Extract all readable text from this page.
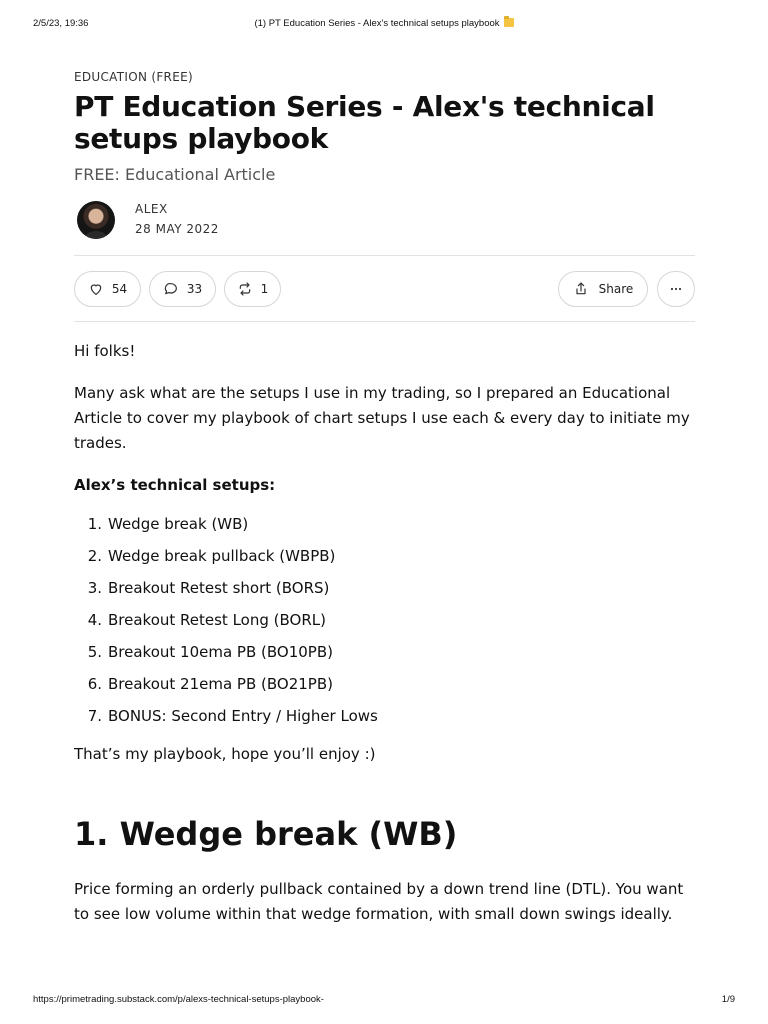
2/5/23, 19:36	(1) PT Education Series - Alex's technical setups playbook
EDUCATION (FREE)
PT Education Series - Alex's technical setups playbook
FREE: Educational Article
ALEX
28 MAY 2022
54	33	1	Share

Hi folks!

Many ask what are the setups I use in my trading, so I prepared an Educational Article to cover my playbook of chart setups I use each & every day to initiate my trades.

Alex’s technical setups:

1. Wedge break (WB)
2. Wedge break pullback (WBPB)
3. Breakout Retest short (BORS)
4. Breakout Retest Long (BORL)
5. Breakout 10ema PB (BO10PB)
6. Breakout 21ema PB (BO21PB)
7. BONUS: Second Entry / Higher Lows

That’s my playbook, hope you’ll enjoy :)

1. Wedge break (WB)

Price forming an orderly pullback contained by a down trend line (DTL). You want to see low volume within that wedge formation, with small down swings ideally.

https://primetrading.substack.com/p/alexs-technical-setups-playbook-	1/9
